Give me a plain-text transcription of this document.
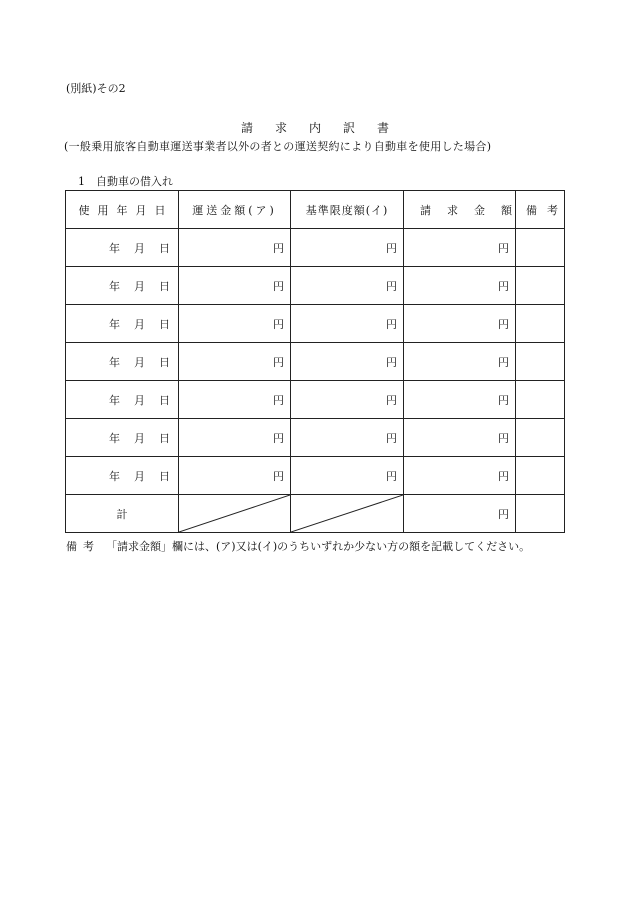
(別紙)その2
請求内訳書
(一般乗用旅客自動車運送事業者以外の者との運送契約により自動車を使用した場合)
1 自動車の借入れ
使用年月日	運送金額(ア)	基準限度額(イ)	請求金額	備考
年 月 日	円	円	円	
年 月 日	円	円	円	
年 月 日	円	円	円	
年 月 日	円	円	円	
年 月 日	円	円	円	
年 月 日	円	円	円	
年 月 日	円	円	円	
計			円	
備考 「請求金額」欄には、(ア)又は(イ)のうちいずれか少ない方の額を記載してください。
